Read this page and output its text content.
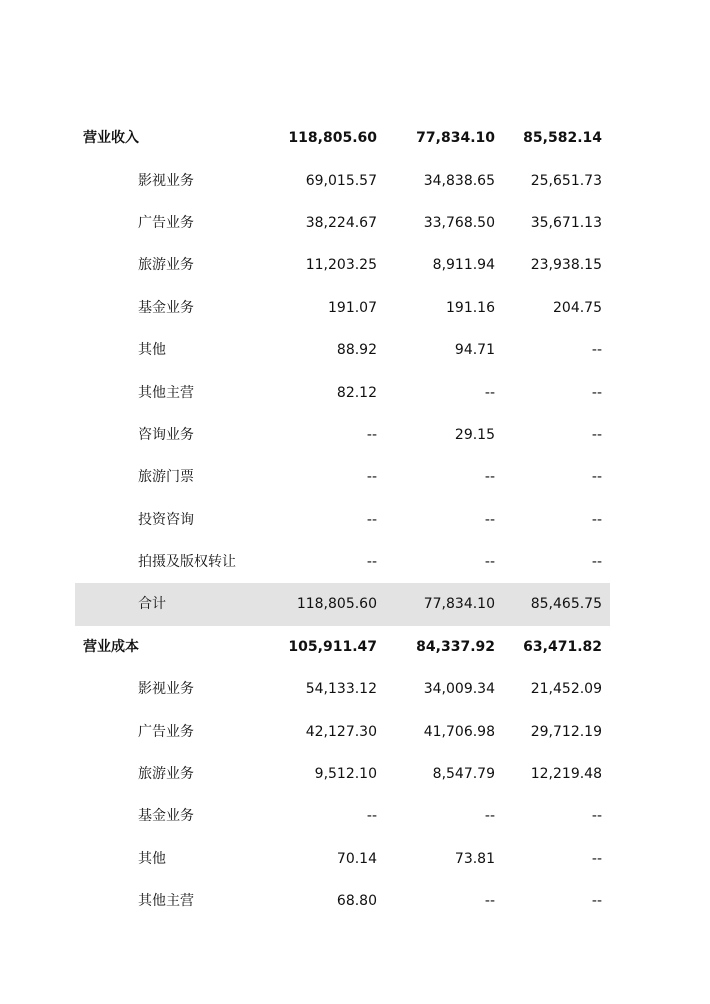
营业收入	118,805.60	77,834.10 85,582.14
影视业务	69,015.57	34,838.65	25,651.73
广告业务	38,224.67	33,768.50	35,671.13
旅游业务	11,203.25	8,911.94	23,938.15
基金业务	191.07	191.16	204.75
其他	88.92	94.71	--
其他主营	82.12	--	--
咨询业务	--	29.15	--
旅游门票	--	--	--
投资咨询	--	--	--
拍摄及版权转让	--	--	--
合计	118,805.60	77,834.10	85,465.75
营业成本	105,911.47	84,337.92 63,471.82
影视业务	54,133.12	34,009.34	21,452.09
广告业务	42,127.30	41,706.98	29,712.19
旅游业务	9,512.10	8,547.79	12,219.48
基金业务	--	--	--
其他	70.14	73.81	--
其他主营	68.80	--	--
